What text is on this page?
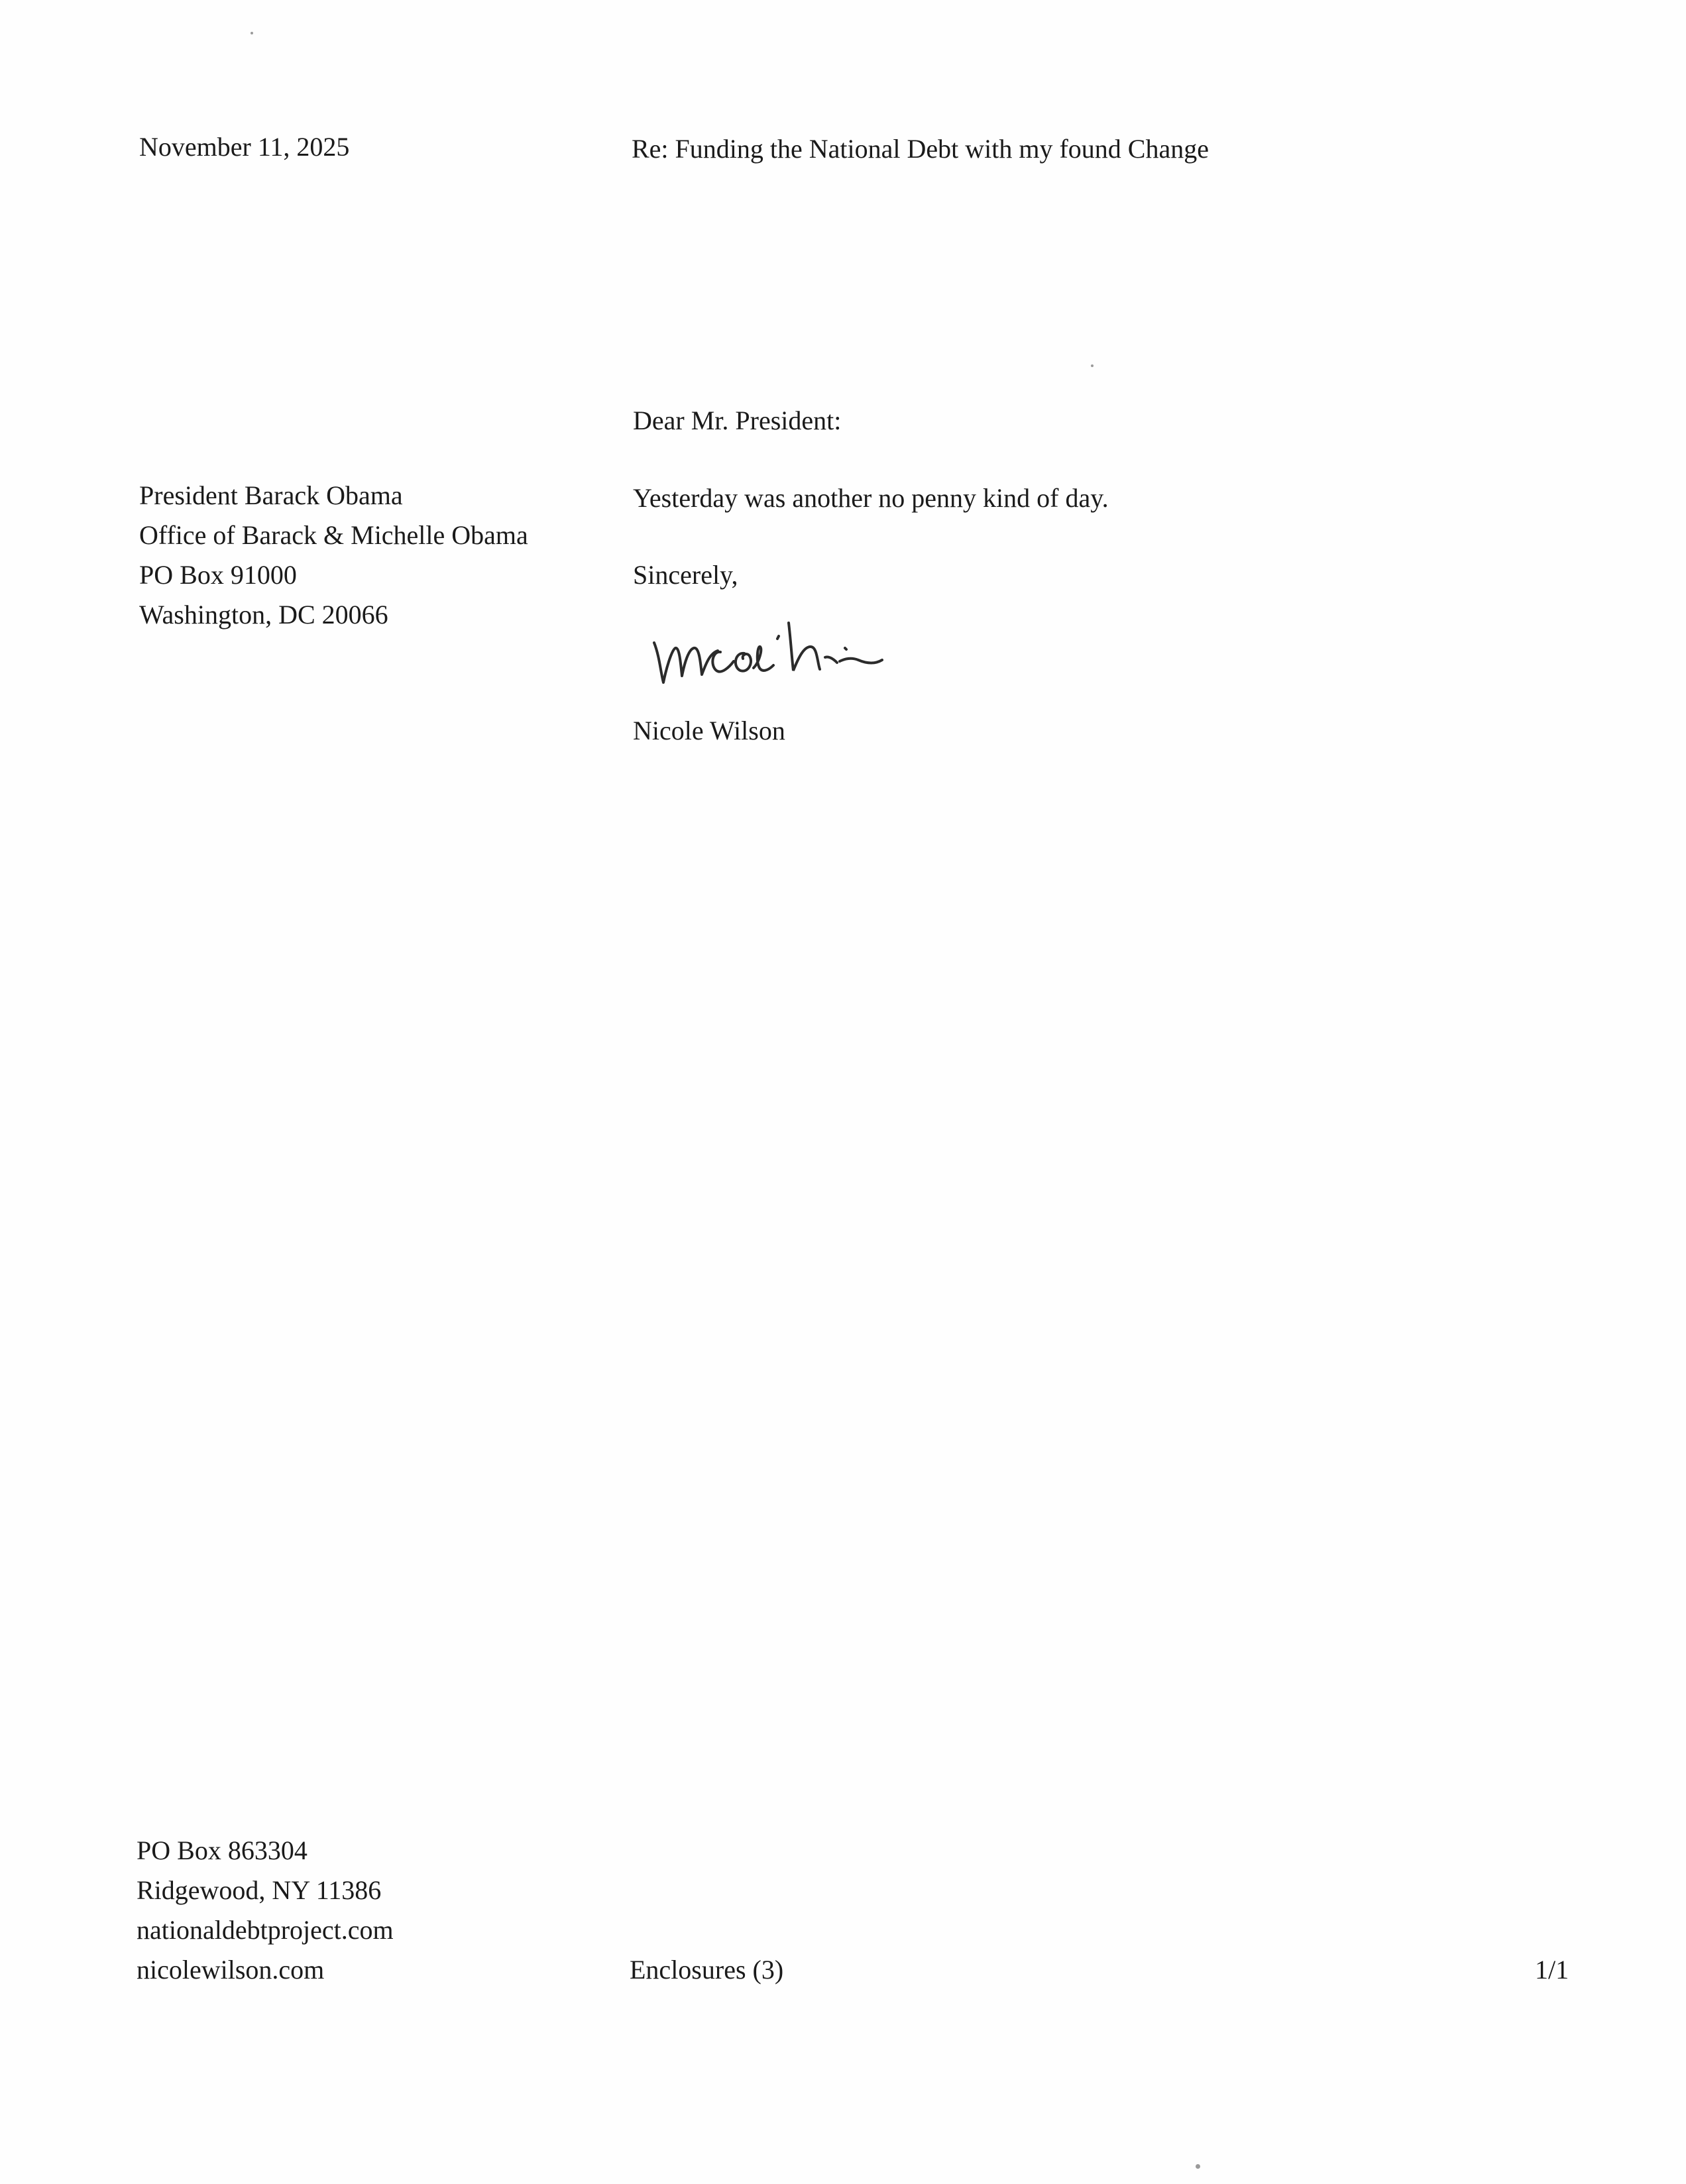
November 11, 2025	Re: Funding the National Debt with my found Change
Dear Mr. President:
President Barack Obama
Office of Barack & Michelle Obama
PO Box 91000
Washington, DC 20066
Yesterday was another no penny kind of day.
Sincerely,
Nicole Wilson
PO Box 863304
Ridgewood, NY 11386
nationaldebtproject.com
nicolewilson.com	Enclosures (3)	1/1
